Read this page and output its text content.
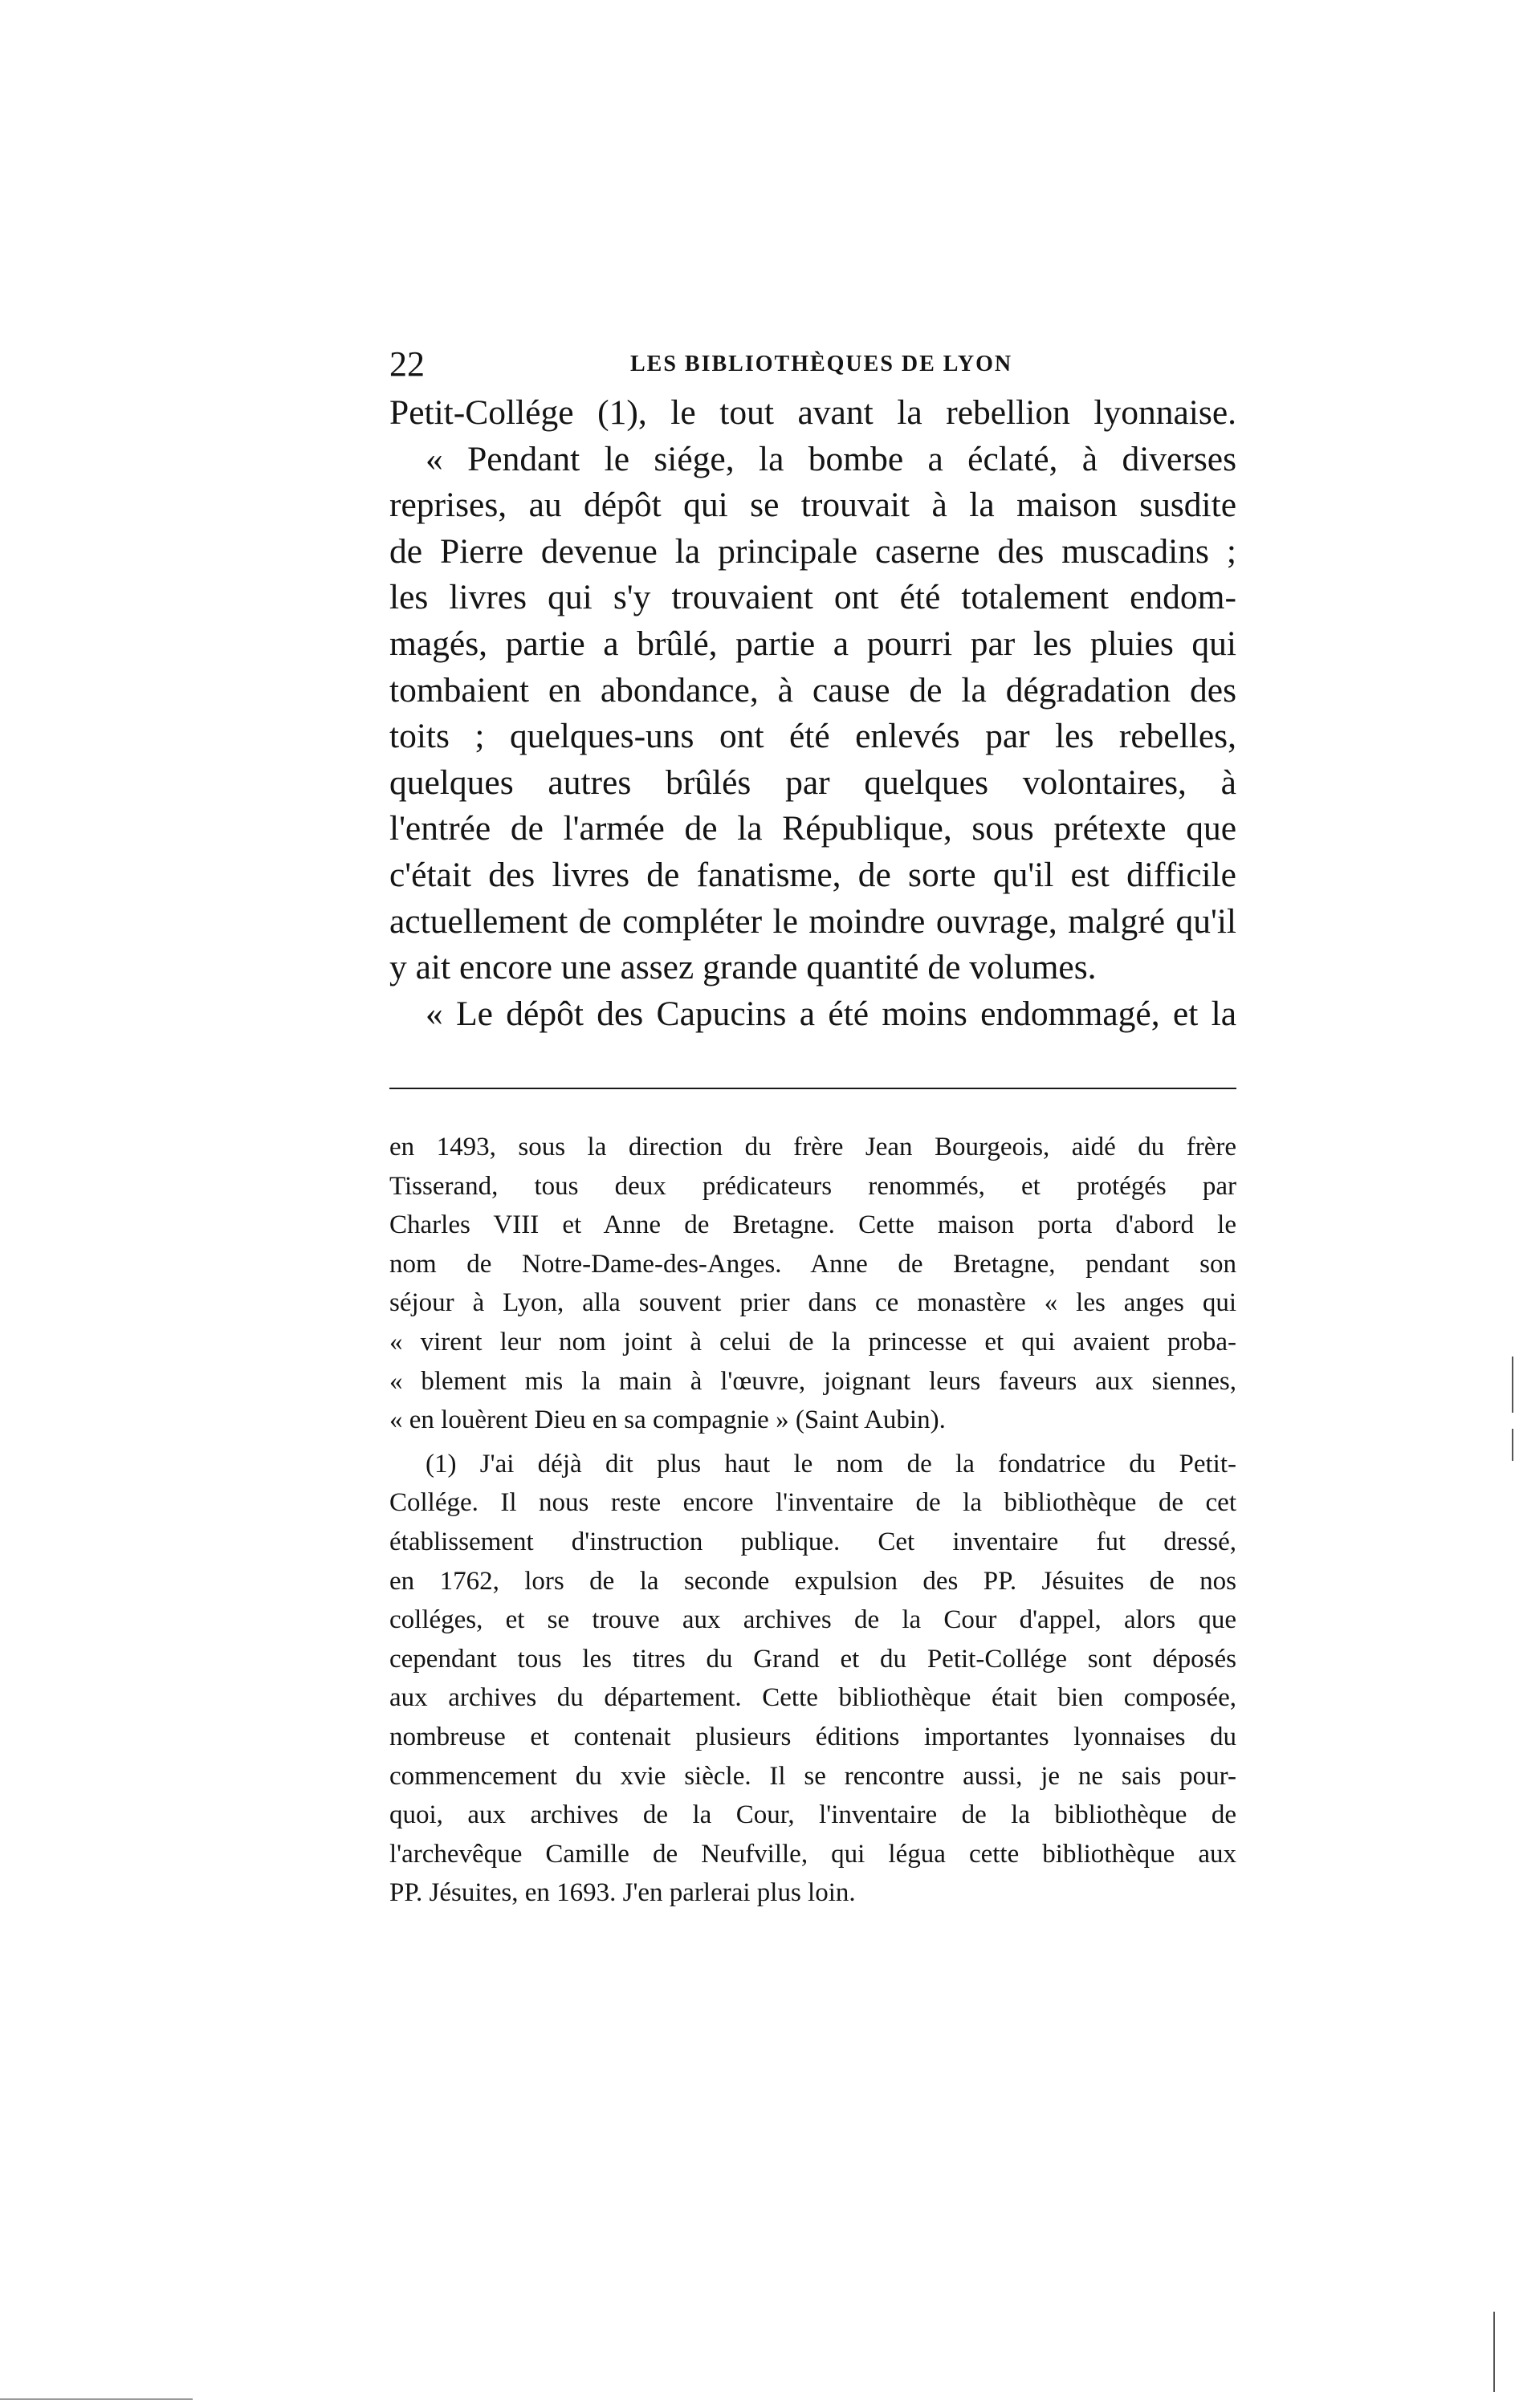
22	LES BIBLIOTHÈQUES DE LYON
Petit-Collége (1), le tout avant la rebellion lyonnaise.
« Pendant le siége, la bombe a éclaté, à diverses
reprises, au dépôt qui se trouvait à la maison susdite
de Pierre devenue la principale caserne des muscadins ;
les livres qui s'y trouvaient ont été totalement endom-
magés, partie a brûlé, partie a pourri par les pluies qui
tombaient en abondance, à cause de la dégradation des
toits ; quelques-uns ont été enlevés par les rebelles,
quelques autres brûlés par quelques volontaires, à
l'entrée de l'armée de la République, sous prétexte que
c'était des livres de fanatisme, de sorte qu'il est difficile
actuellement de compléter le moindre ouvrage, malgré qu'il
y ait encore une assez grande quantité de volumes.
« Le dépôt des Capucins a été moins endommagé, et la
en 1493, sous la direction du frère Jean Bourgeois, aidé du frère
Tisserand, tous deux prédicateurs renommés, et protégés par
Charles VIII et Anne de Bretagne. Cette maison porta d'abord le
nom de Notre-Dame-des-Anges. Anne de Bretagne, pendant son
séjour à Lyon, alla souvent prier dans ce monastère « les anges qui
« virent leur nom joint à celui de la princesse et qui avaient proba-
« blement mis la main à l'œuvre, joignant leurs faveurs aux siennes,
« en louèrent Dieu en sa compagnie » (Saint Aubin).
(1) J'ai déjà dit plus haut le nom de la fondatrice du Petit-
Collége. Il nous reste encore l'inventaire de la bibliothèque de cet
établissement d'instruction publique. Cet inventaire fut dressé,
en 1762, lors de la seconde expulsion des PP. Jésuites de nos
colléges, et se trouve aux archives de la Cour d'appel, alors que
cependant tous les titres du Grand et du Petit-Collége sont déposés
aux archives du département. Cette bibliothèque était bien composée,
nombreuse et contenait plusieurs éditions importantes lyonnaises du
commencement du xvie siècle. Il se rencontre aussi, je ne sais pour-
quoi, aux archives de la Cour, l'inventaire de la bibliothèque de
l'archevêque Camille de Neufville, qui légua cette bibliothèque aux
PP. Jésuites, en 1693. J'en parlerai plus loin.
